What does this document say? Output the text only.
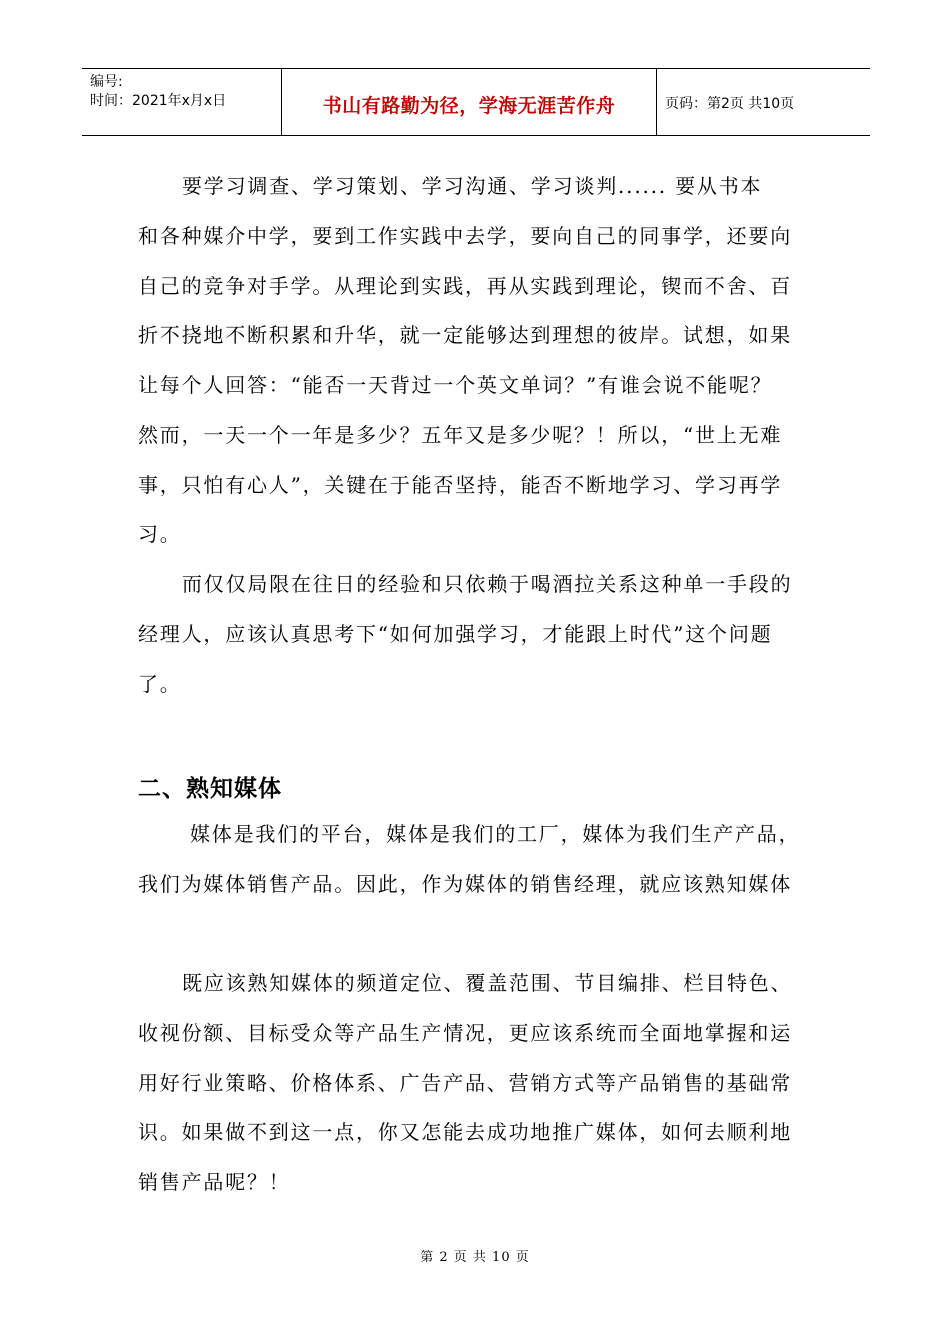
编号:
时间：2021年x月x日	书山有路勤为径，学海无涯苦作舟	页码：第2页 共10页
要学习调查、学习策划、学习沟通、学习谈判...... 要从书本
和各种媒介中学，要到工作实践中去学，要向自己的同事学，还要向
自己的竞争对手学。从理论到实践，再从实践到理论，锲而不舍、百
折不挠地不断积累和升华，就一定能够达到理想的彼岸。试想，如果
让每个人回答：“能否一天背过一个英文单词？”有谁会说不能呢？
然而，一天一个一年是多少？五年又是多少呢？！所以，“世上无难
事，只怕有心人”，关键在于能否坚持，能否不断地学习、学习再学
习。
而仅仅局限在往日的经验和只依赖于喝酒拉关系这种单一手段的
经理人，应该认真思考下“如何加强学习，才能跟上时代”这个问题
了。
二、熟知媒体
媒体是我们的平台，媒体是我们的工厂，媒体为我们生产产品，
我们为媒体销售产品。因此，作为媒体的销售经理，就应该熟知媒体
既应该熟知媒体的频道定位、覆盖范围、节目编排、栏目特色、
收视份额、目标受众等产品生产情况，更应该系统而全面地掌握和运
用好行业策略、价格体系、广告产品、营销方式等产品销售的基础常
识。如果做不到这一点，你又怎能去成功地推广媒体，如何去顺利地
销售产品呢？！
第 2 页 共 10 页
